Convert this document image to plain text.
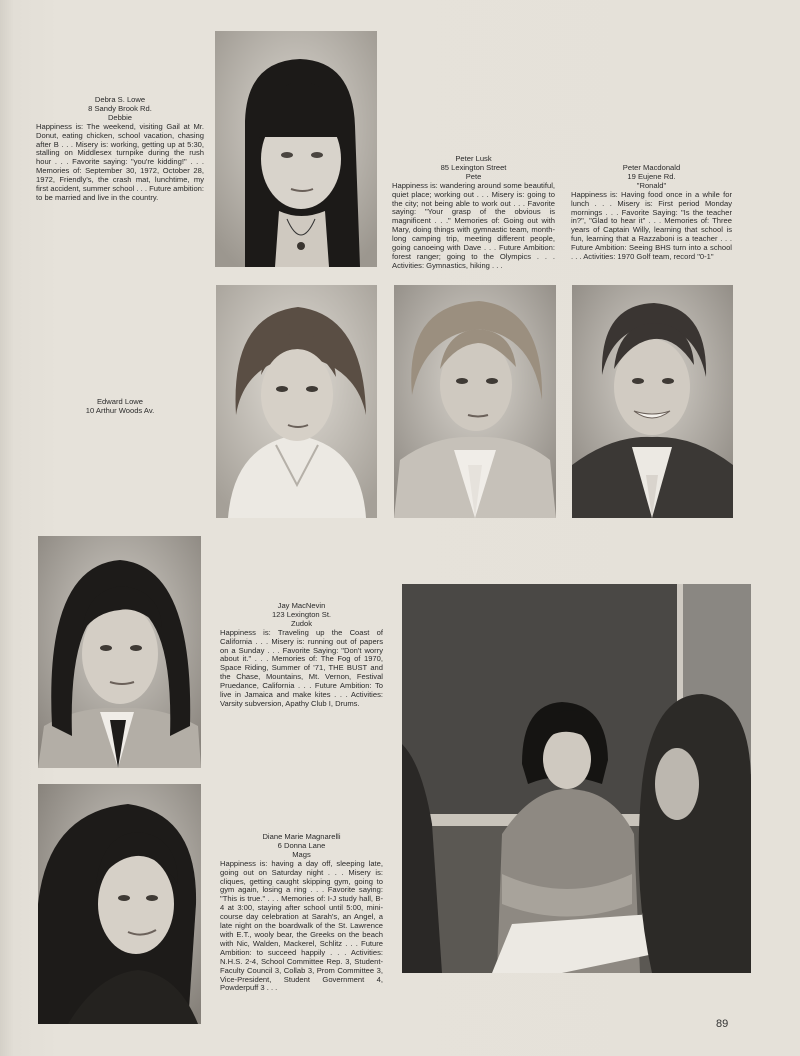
Debra S. Lowe
8 Sandy Brook Rd.
Debbie
Happiness is: The weekend, visiting Gail at Mr. Donut, eating chicken, school vacation, chasing after B . . . Misery is: working, getting up at 5:30, stalling on Middlesex turnpike during the rush hour . . . Favorite saying: "you're kidding!" . . . Memories of: September 30, 1972, October 28, 1972, Friendly's, the crash mat, lunchtime, my first accident, summer school . . . Future ambition: to be married and live in the country.
Peter Lusk
85 Lexington Street
Pete
Happiness is: wandering around some beautiful, quiet place; working out . . . Misery is: going to the city; not being able to work out . . . Favorite saying: "Your grasp of the obvious is magnificent . . ." Memories of: Going out with Mary, doing things with gymnastic team, month-long camping trip, meeting different people, going canoeing with Dave . . . Future Ambition: forest ranger; going to the Olympics . . . Activities: Gymnastics, hiking . . .
Peter Macdonald
19 Eujene Rd.
"Ronald"
Happiness is: Having food once in a while for lunch . . . Misery is: First period Monday mornings . . . Favorite Saying: "Is the teacher in?", "Glad to hear it" . . . Memories of: Three years of Captain Willy, learning that school is fun, learning that a Razzaboni is a teacher . . . Future Ambition: Seeing BHS turn into a school . . . Activities: 1970 Golf team, record "0-1"
Edward Lowe
10 Arthur Woods Av.
Jay MacNevin
123 Lexington St.
Zudok
Happiness is: Traveling up the Coast of California . . . Misery is: running out of papers on a Sunday . . . Favorite Saying: "Don't worry about it." . . . Memories of: The Fog of 1970, Space Riding, Summer of '71, THE BUST and the Chase, Mountains, Mt. Vernon, Festival Pruedance, California . . . Future Ambition: To live in Jamaica and make kites . . . Activities: Varsity subversion, Apathy Club I, Drums.
Diane Marie Magnarelli
6 Donna Lane
Mags
Happiness is: having a day off, sleeping late, going out on Saturday night . . . Misery is: cliques, getting caught skipping gym, going to gym again, losing a ring . . . Favorite saying: "This is true." . . . Memories of: I-J study hall, B-4 at 3:00, staying after school until 5:00, mini-course day celebration at Sarah's, an Angel, a late night on the boardwalk of the St. Lawrence with E.T., wooly bear, the Greeks on the beach with Nic, Walden, Mackerel, Schlitz . . . Future Ambition: to succeed happily . . . Activities: N.H.S. 2-4, School Committee Rep. 3, Student-Faculty Council 3, Collab 3, Prom Committee 3, Vice-President, Student Government 4, Powderpuff 3 . . .
89
